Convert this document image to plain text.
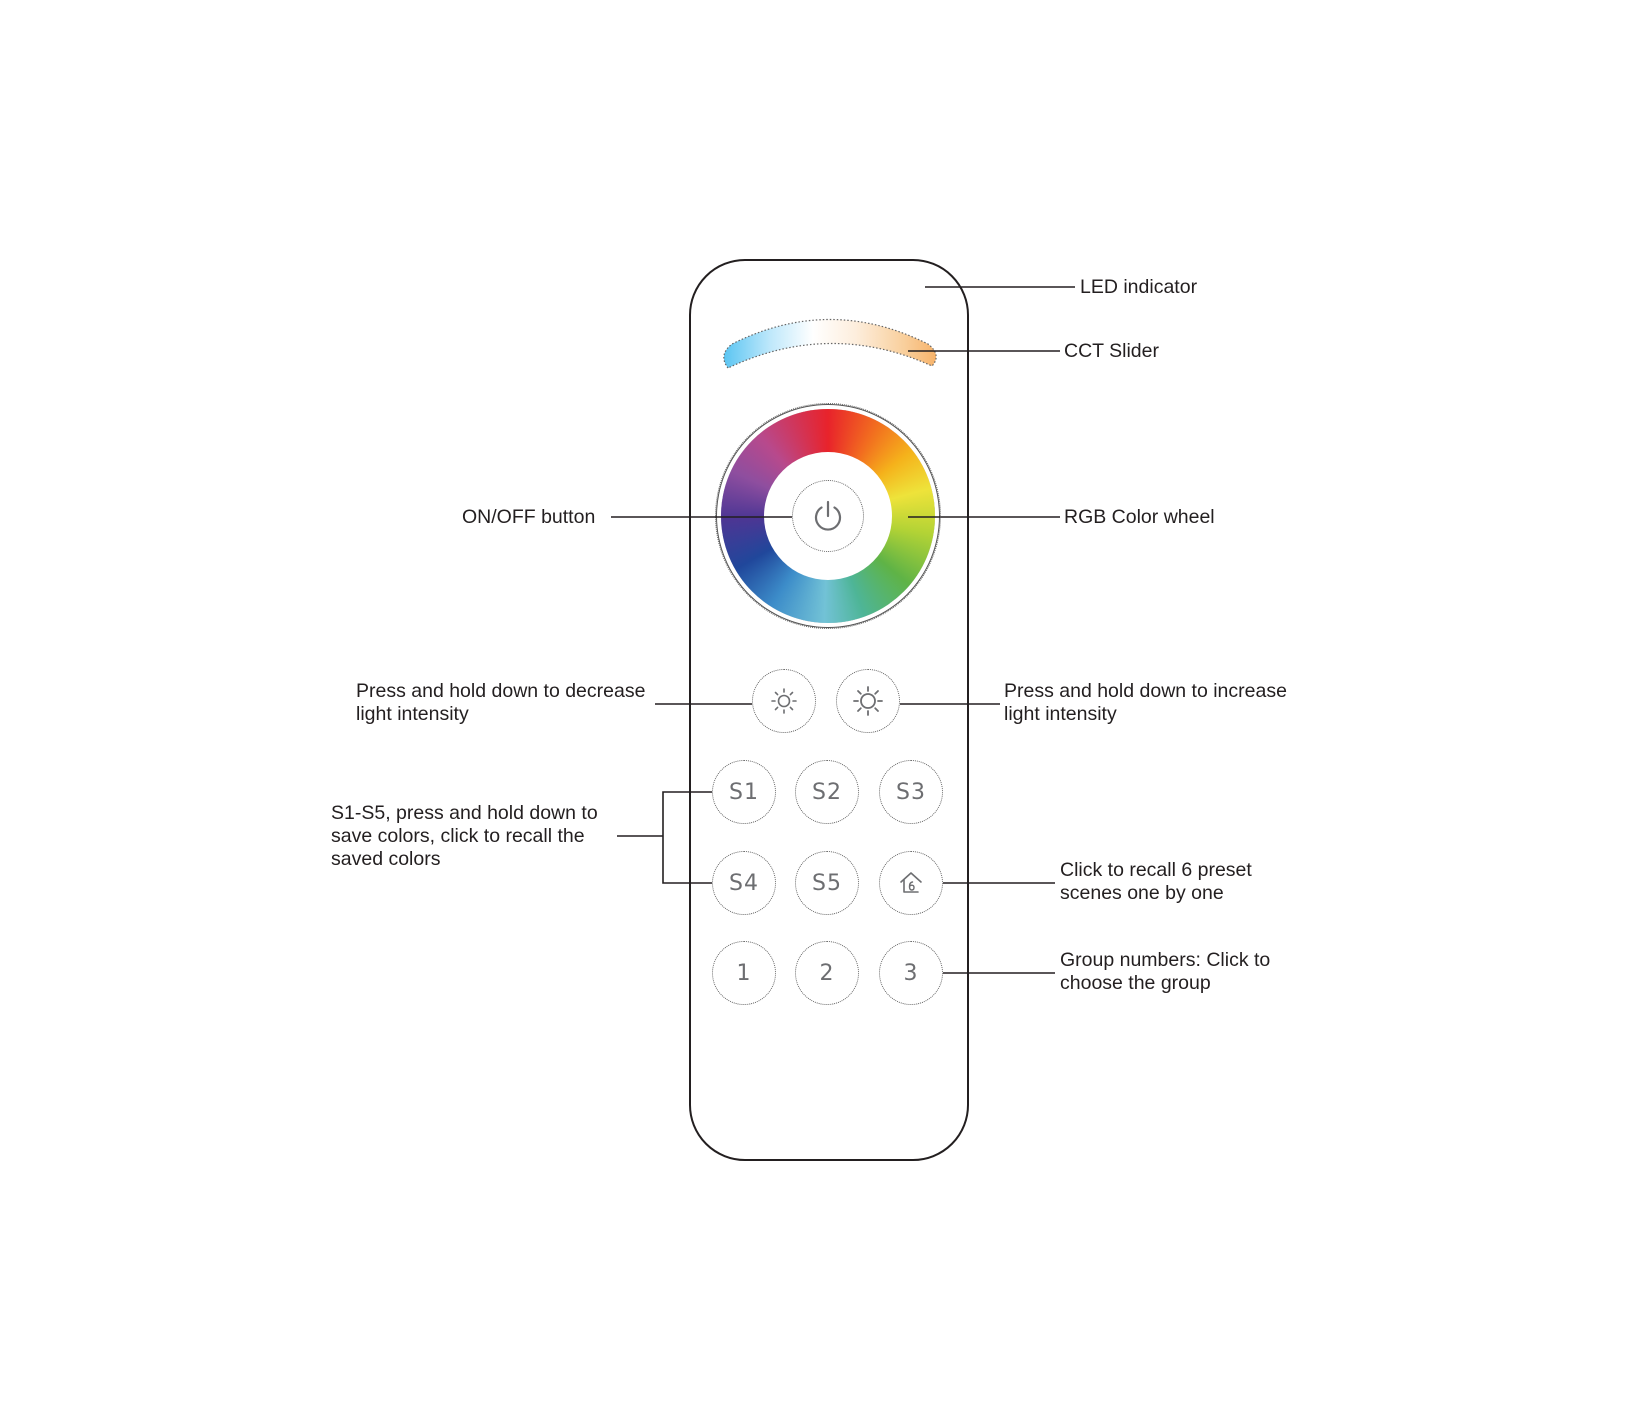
S1	S2	S3
S4	S5
1	2	3
LED indicator
CCT Slider
ON/OFF button	RGB Color wheel
Press and hold down to decrease
light intensity
Press and hold down to increase
light intensity
S1-S5, press and hold down to
save colors, click to recall the
saved colors	Click to recall 6 preset
scenes one by one
Group numbers: Click to
choose the group
